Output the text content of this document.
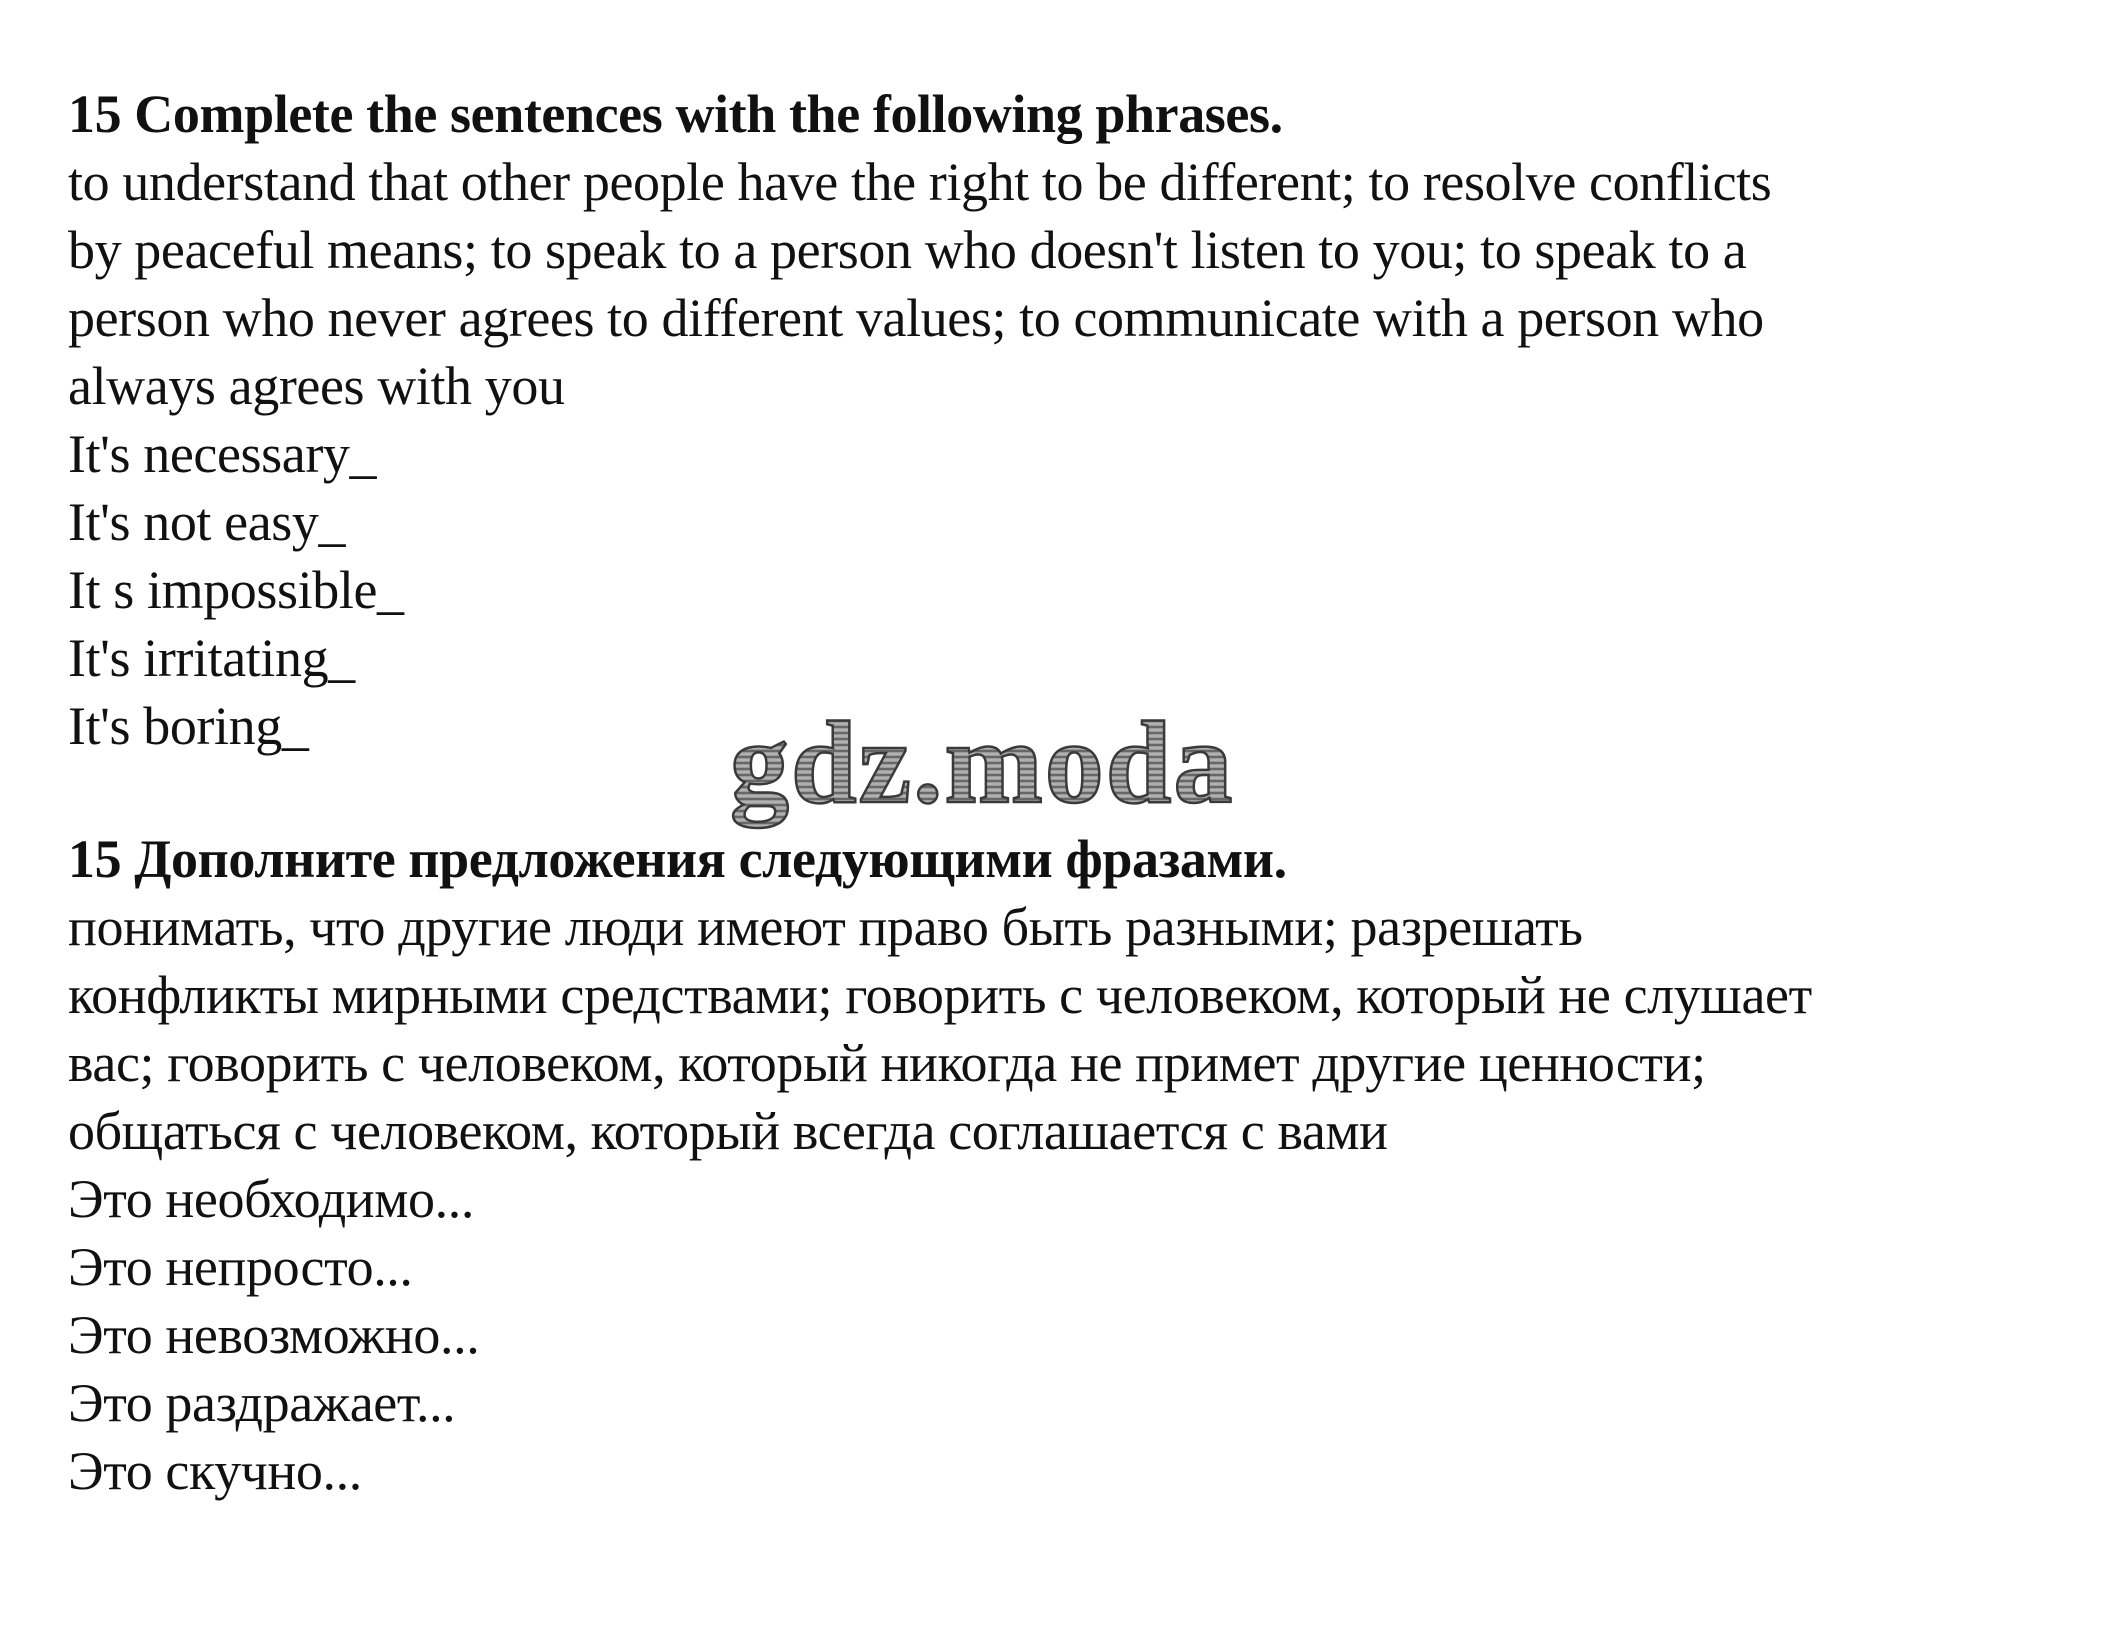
15 Complete the sentences with the following phrases.
to understand that other people have the right to be different; to resolve conflicts
by peaceful means; to speak to a person who doesn't listen to you; to speak to a
person who never agrees to different values; to communicate with a person who
always agrees with you
It's necessary_
It's not easy_
It s impossible_
It's irritating_
It's boring_	gdz.moda
15 Дополните предложения следующими фразами.
понимать, что другие люди имеют право быть разными; разрешать
конфликты мирными средствами; говорить с человеком, который не слушает
вас; говорить с человеком, который никогда не примет другие ценности;
общаться с человеком, который всегда соглашается с вами
Это необходимо...
Это непросто...
Это невозможно...
Это раздражает...
Это скучно...
